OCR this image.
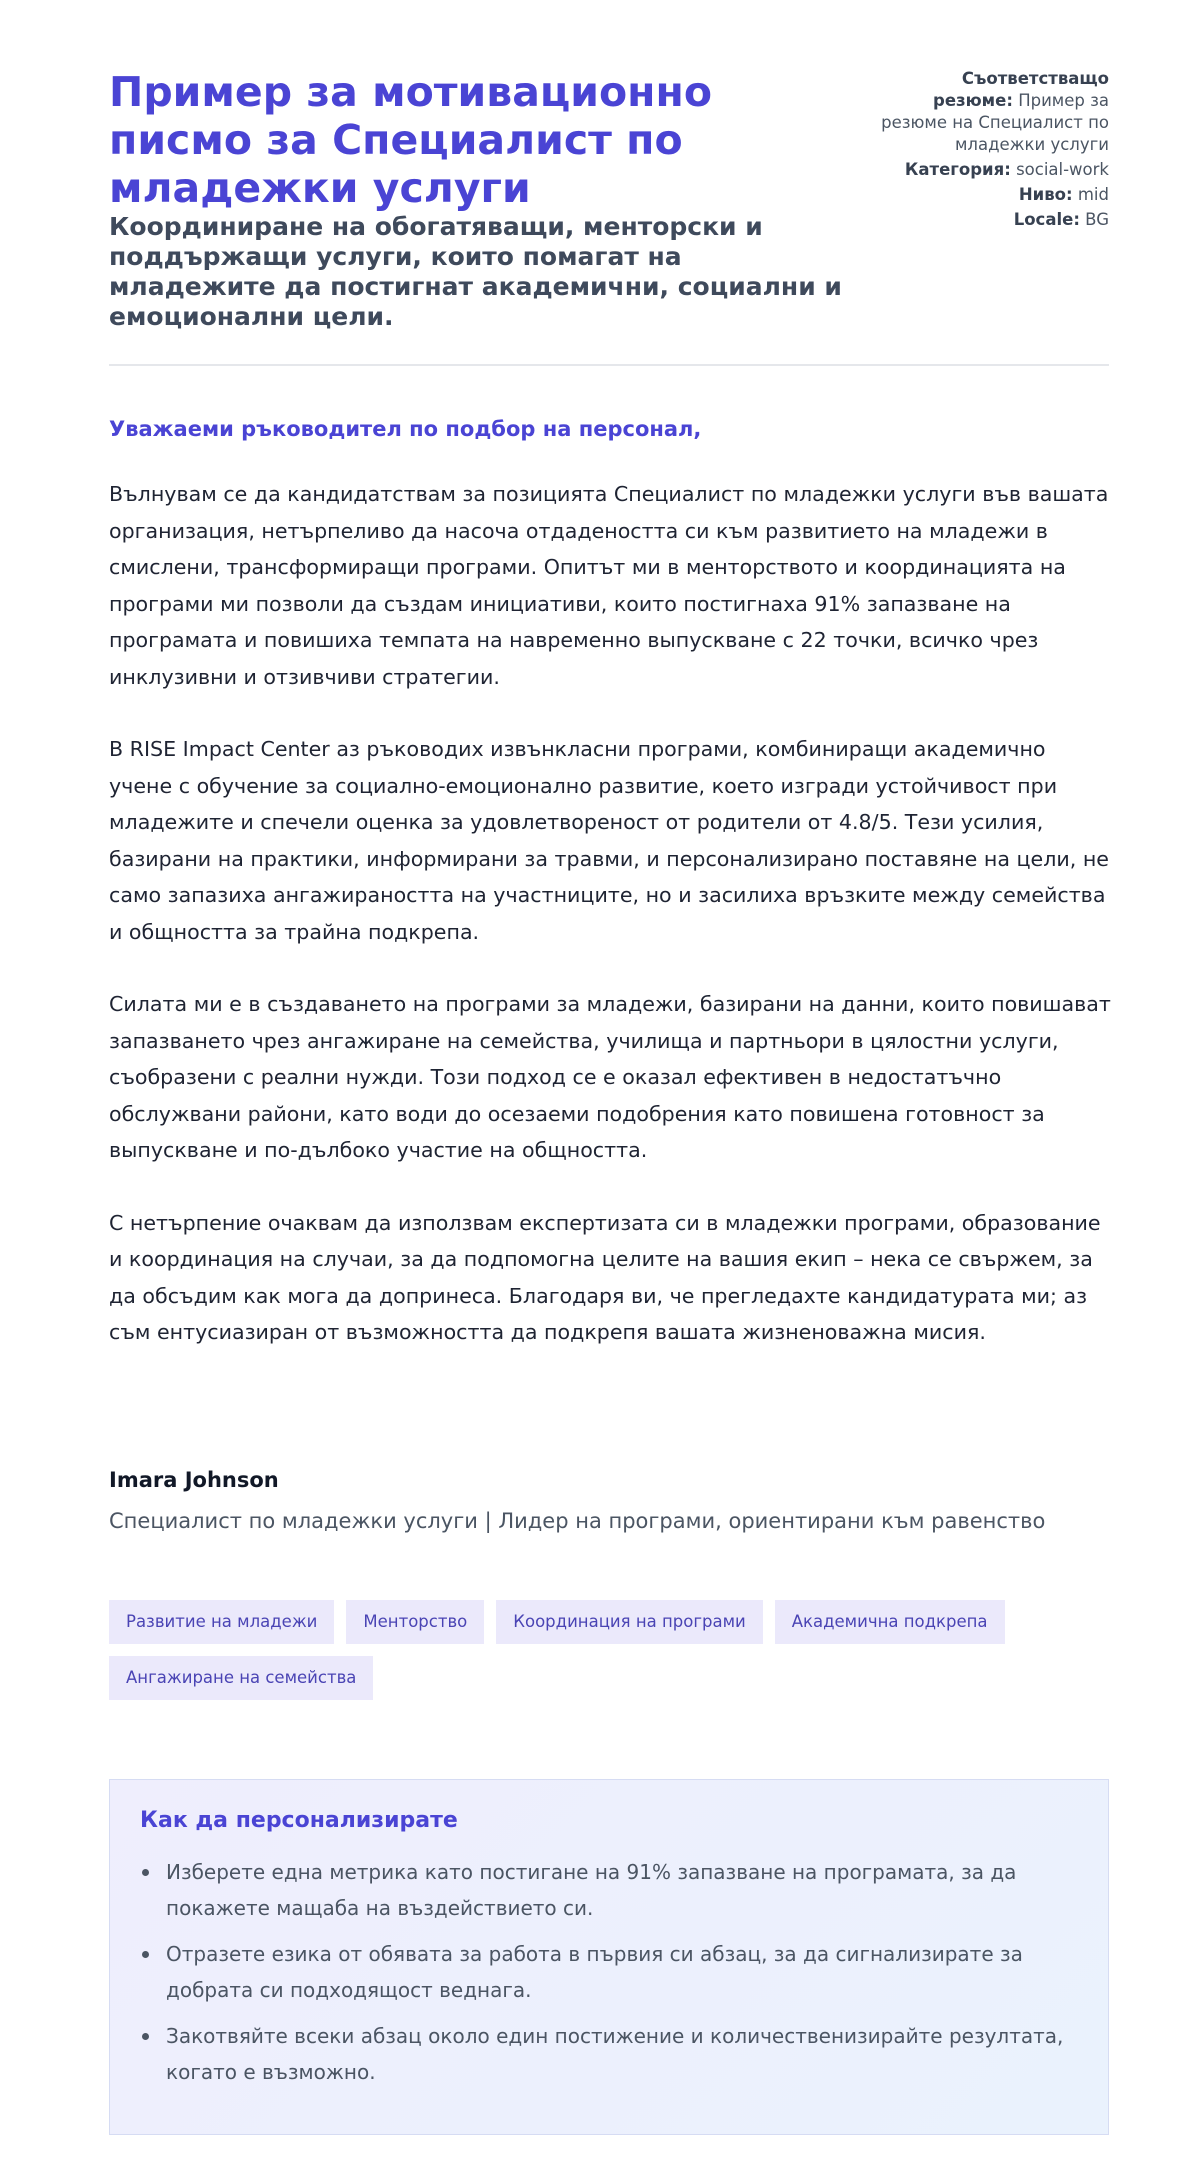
Пример за мотивационно писмо за Специалист по младежки услуги
Координиране на обогатяващи, менторски и поддържащи услуги, които помагат на младежите да постигнат академични, социални и емоционални цели.
Съответстващо резюме: Пример за резюме на Специалист по младежки услуги
Категория: social-work
Ниво: mid
Locale: BG

Уважаеми ръководител по подбор на персонал,

Вълнувам се да кандидатствам за позицията Специалист по младежки услуги във вашата организация, нетърпеливо да насоча отдадеността си към развитието на младежи в смислени, трансформиращи програми. Опитът ми в менторството и координацията на програми ми позволи да създам инициативи, които постигнаха 91% запазване на програмата и повишиха темпата на навременно выпускване с 22 точки, всичко чрез инклузивни и отзивчиви стратегии.

В RISE Impact Center аз ръководих извънкласни програми, комбиниращи академично учене с обучение за социално-емоционално развитие, което изгради устойчивост при младежите и спечели оценка за удовлетвореност от родители от 4.8/5. Тези усилия, базирани на практики, информирани за травми, и персонализирано поставяне на цели, не само запазиха ангажираността на участниците, но и засилиха връзките между семейства и общността за трайна подкрепа.

Силата ми е в създаването на програми за младежи, базирани на данни, които повишават запазването чрез ангажиране на семейства, училища и партньори в цялостни услуги, съобразени с реални нужди. Този подход се е оказал ефективен в недостатъчно обслужвани райони, като води до осезаеми подобрения като повишена готовност за выпускване и по-дълбоко участие на общността.

С нетърпение очаквам да използвам експертизата си в младежки програми, образование и координация на случаи, за да подпомогна целите на вашия екип – нека се свържем, за да обсъдим как мога да допринеса. Благодаря ви, че прегледахте кандидатурата ми; аз съм ентусиазиран от възможността да подкрепя вашата жизненоважна мисия.

Imara Johnson
Специалист по младежки услуги | Лидер на програми, ориентирани към равенство
Развитие на младежи	Менторство	Координация на програми	Академична подкрепа
Ангажиране на семейства
Как да персонализирате
Изберете една метрика като постигане на 91% запазване на програмата, за да покажете мащаба на въздействието си.
Отразете езика от обявата за работа в първия си абзац, за да сигнализирате за добрата си подходящост веднага.
Закотвяйте всеки абзац около един постижение и количественизирайте резултата, когато е възможно.
